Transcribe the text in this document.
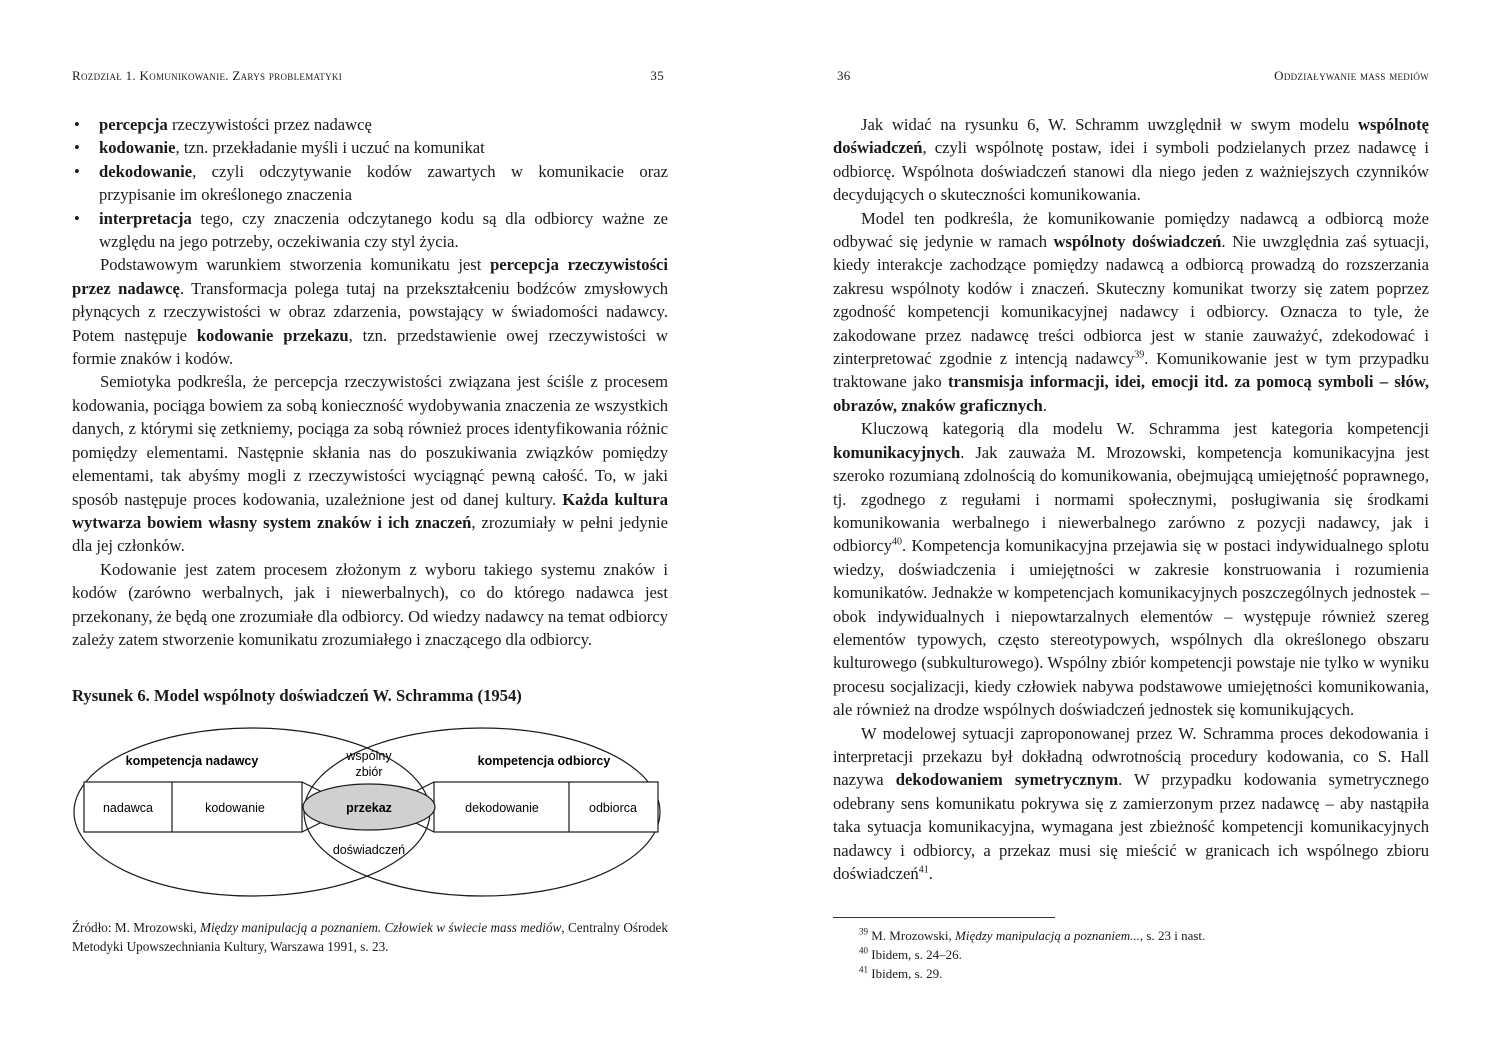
Rozdział 1. Komunikowanie. Zarys problematyki	35
• percepcja rzeczywistości przez nadawcę
• kodowanie, tzn. przekładanie myśli i uczuć na komunikat
• dekodowanie, czyli odczytywanie kodów zawartych w komunikacie oraz przypisanie im określonego znaczenia
• interpretacja tego, czy znaczenia odczytanego kodu są dla odbiorcy ważne ze względu na jego potrzeby, oczekiwania czy styl życia.

Podstawowym warunkiem stworzenia komunikatu jest percepcja rzeczywistości przez nadawcę. Transformacja polega tutaj na przekształceniu bodźców zmysłowych płynących z rzeczywistości w obraz zdarzenia, powstający w świadomości nadawcy. Potem następuje kodowanie przekazu, tzn. przedstawienie owej rzeczywistości w formie znaków i kodów.

Semiotyka podkreśla, że percepcja rzeczywistości związana jest ściśle z procesem kodowania, pociąga bowiem za sobą konieczność wydobywania znaczenia ze wszystkich danych, z którymi się zetkniemy, pociąga za sobą również proces identyfikowania różnic pomiędzy elementami. Następnie skłania nas do poszukiwania związków pomiędzy elementami, tak abyśmy mogli z rzeczywistości wyciągnąć pewną całość. To, w jaki sposób następuje proces kodowania, uzależnione jest od danej kultury. Każda kultura wytwarza bowiem własny system znaków i ich znaczeń, zrozumiały w pełni jedynie dla jej członków.

Kodowanie jest zatem procesem złożonym z wyboru takiego systemu znaków i kodów (zarówno werbalnych, jak i niewerbalnych), co do którego nadawca jest przekonany, że będą one zrozumiałe dla odbiorcy. Od wiedzy nadawcy na temat odbiorcy zależy zatem stworzenie komunikatu zrozumiałego i znaczącego dla odbiorcy.

Rysunek 6. Model wspólnoty doświadczeń W. Schramma (1954)
kompetencja nadawcy	kompetencja odbiorcy
wspólny
zbiór
nadawca	kodowanie	przekaz	dekodowanie	odbiorca
doświadczeń
Źródło: M. Mrozowski, Między manipulacją a poznaniem. Człowiek w świecie mass mediów, Centralny Ośrodek Metodyki Upowszechniania Kultury, Warszawa 1991, s. 23.
36	Oddziaływanie mass mediów

Jak widać na rysunku 6, W. Schramm uwzględnił w swym modelu wspólnotę doświadczeń, czyli wspólnotę postaw, idei i symboli podzielanych przez nadawcę i odbiorcę. Wspólnota doświadczeń stanowi dla niego jeden z ważniejszych czynników decydujących o skuteczności komunikowania.

Model ten podkreśla, że komunikowanie pomiędzy nadawcą a odbiorcą może odbywać się jedynie w ramach wspólnoty doświadczeń. Nie uwzględnia zaś sytuacji, kiedy interakcje zachodzące pomiędzy nadawcą a odbiorcą prowadzą do rozszerzania zakresu wspólnoty kodów i znaczeń. Skuteczny komunikat tworzy się zatem poprzez zgodność kompetencji komunikacyjnej nadawcy i odbiorcy. Oznacza to tyle, że zakodowane przez nadawcę treści odbiorca jest w stanie zauważyć, zdekodować i zinterpretować zgodnie z intencją nadawcy$^{39}$. Komunikowanie jest w tym przypadku traktowane jako transmisja informacji, idei, emocji itd. za pomocą symboli – słów, obrazów, znaków graficznych.

Kluczową kategorią dla modelu W. Schramma jest kategoria kompetencji komunikacyjnych. Jak zauważa M. Mrozowski, kompetencja komunikacyjna jest szeroko rozumianą zdolnością do komunikowania, obejmującą umiejętność poprawnego, tj. zgodnego z regułami i normami społecznymi, posługiwania się środkami komunikowania werbalnego i niewerbalnego zarówno z pozycji nadawcy, jak i odbiorcy$^{40}$. Kompetencja komunikacyjna przejawia się w postaci indywidualnego splotu wiedzy, doświadczenia i umiejętności w zakresie konstruowania i rozumienia komunikatów. Jednakże w kompetencjach komunikacyjnych poszczególnych jednostek – obok indywidualnych i niepowtarzalnych elementów – występuje również szereg elementów typowych, często stereotypowych, wspólnych dla określonego obszaru kulturowego (subkulturowego). Wspólny zbiór kompetencji powstaje nie tylko w wyniku procesu socjalizacji, kiedy człowiek nabywa podstawowe umiejętności komunikowania, ale również na drodze wspólnych doświadczeń jednostek się komunikujących.

W modelowej sytuacji zaproponowanej przez W. Schramma proces dekodowania i interpretacji przekazu był dokładną odwrotnością procedury kodowania, co S. Hall nazywa dekodowaniem symetrycznym. W przypadku kodowania symetrycznego odebrany sens komunikatu pokrywa się z zamierzonym przez nadawcę – aby nastąpiła taka sytuacja komunikacyjna, wymagana jest zbieżność kompetencji komunikacyjnych nadawcy i odbiorcy, a przekaz musi się mieścić w granicach ich wspólnego zbioru doświadczeń$^{41}$.

$^{39}$ M. Mrozowski, Między manipulacją a poznaniem..., s. 23 i nast.
$^{40}$ Ibidem, s. 24–26.
$^{41}$ Ibidem, s. 29.
